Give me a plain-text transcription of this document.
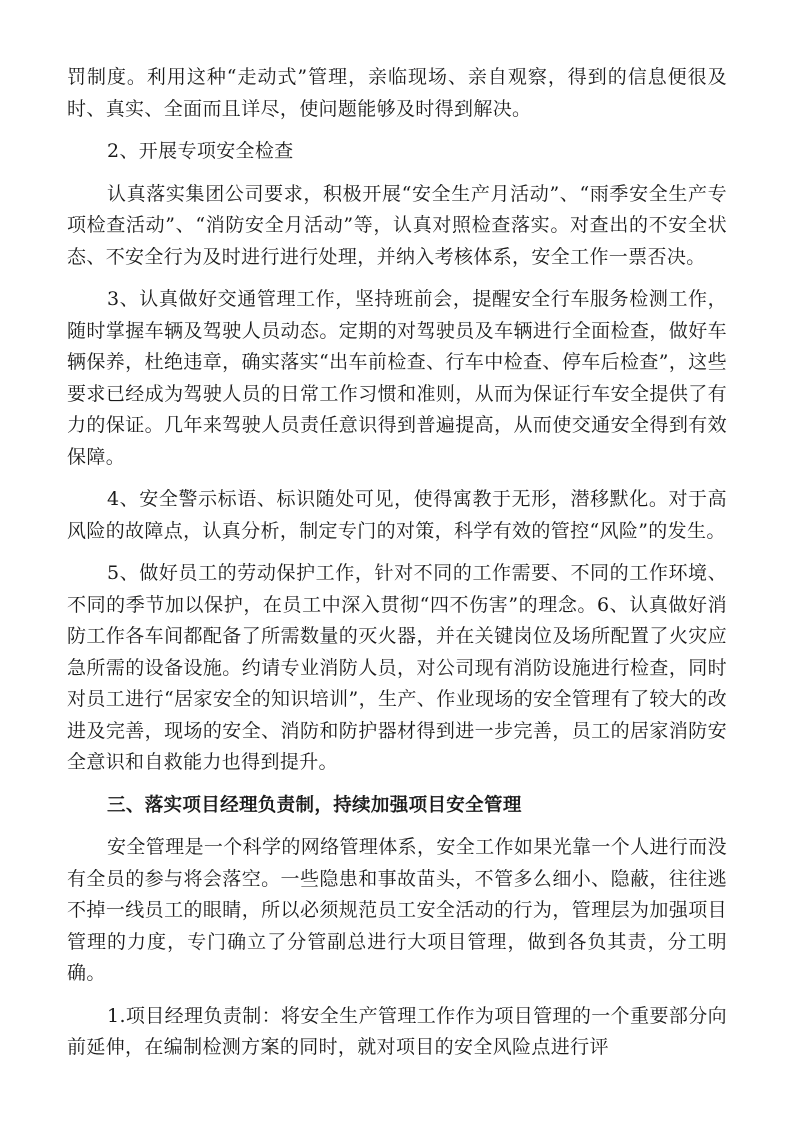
罚制度。利用这种“走动式”管理，亲临现场、亲自观察，得到的信息便很及时、真实、全面而且详尽，使问题能够及时得到解决。

2、开展专项安全检查

认真落实集团公司要求，积极开展“安全生产月活动”、“雨季安全生产专项检查活动”、“消防安全月活动”等，认真对照检查落实。对查出的不安全状态、不安全行为及时进行进行处理，并纳入考核体系，安全工作一票否决。

3、认真做好交通管理工作，坚持班前会，提醒安全行车服务检测工作，随时掌握车辆及驾驶人员动态。定期的对驾驶员及车辆进行全面检查，做好车辆保养，杜绝违章，确实落实“出车前检查、行车中检查、停车后检查”，这些要求已经成为驾驶人员的日常工作习惯和准则，从而为保证行车安全提供了有力的保证。几年来驾驶人员责任意识得到普遍提高，从而使交通安全得到有效保障。

4、安全警示标语、标识随处可见，使得寓教于无形，潜移默化。对于高风险的故障点，认真分析，制定专门的对策，科学有效的管控“风险”的发生。

5、做好员工的劳动保护工作，针对不同的工作需要、不同的工作环境、不同的季节加以保护，在员工中深入贯彻“四不伤害”的理念。6、认真做好消防工作各车间都配备了所需数量的灭火器，并在关键岗位及场所配置了火灾应急所需的设备设施。约请专业消防人员，对公司现有消防设施进行检查，同时对员工进行“居家安全的知识培训”，生产、作业现场的安全管理有了较大的改进及完善，现场的安全、消防和防护器材得到进一步完善，员工的居家消防安全意识和自救能力也得到提升。

三、落实项目经理负责制，持续加强项目安全管理

安全管理是一个科学的网络管理体系，安全工作如果光靠一个人进行而没有全员的参与将会落空。一些隐患和事故苗头，不管多么细小、隐蔽，往往逃不掉一线员工的眼睛，所以必须规范员工安全活动的行为，管理层为加强项目管理的力度，专门确立了分管副总进行大项目管理，做到各负其责，分工明确。

1.项目经理负责制：将安全生产管理工作作为项目管理的一个重要部分向前延伸，在编制检测方案的同时，就对项目的安全风险点进行评
